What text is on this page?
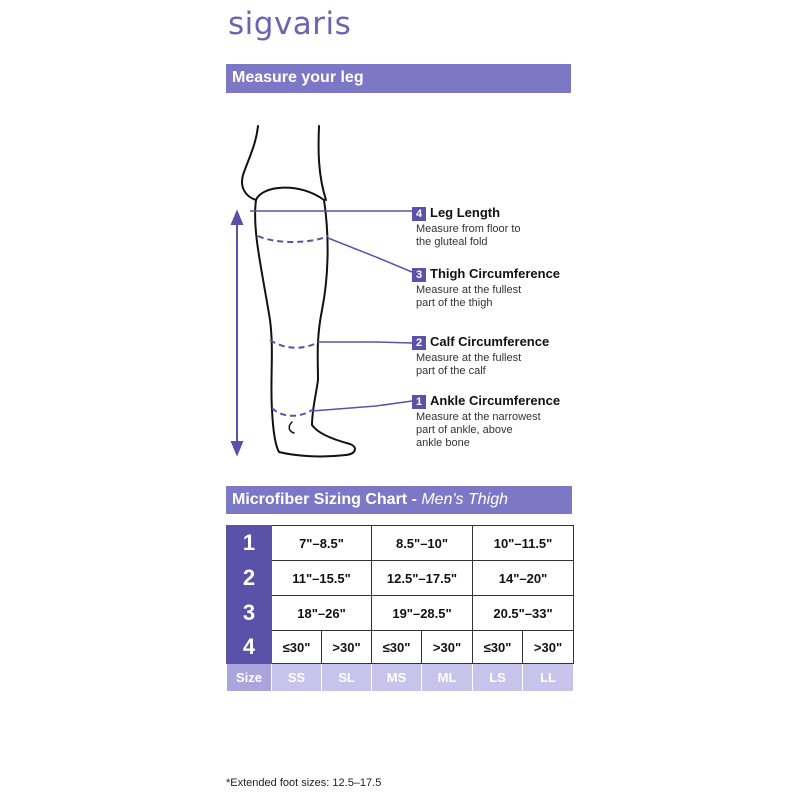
sigvaris
Measure your leg
4 Leg Length
Measure from floor to
the gluteal fold
3 Thigh Circumference
Measure at the fullest
part of the thigh
2 Calf Circumference
Measure at the fullest
part of the calf
1 Ankle Circumference
Measure at the narrowest
part of ankle, above
ankle bone
Microfiber Sizing Chart - Men's Thigh
1	7"–8.5"		8.5"–10"		10"–11.5"	
2	11"–15.5"		12.5"–17.5"		14"–20"	
3	18"–26"		19"–28.5"		20.5"–33"	
4	≤30"	>30"	≤30"	>30"	≤30"	>30"
Size	SS	SL	MS	ML	LS	LL
*Extended foot sizes: 12.5–17.5
